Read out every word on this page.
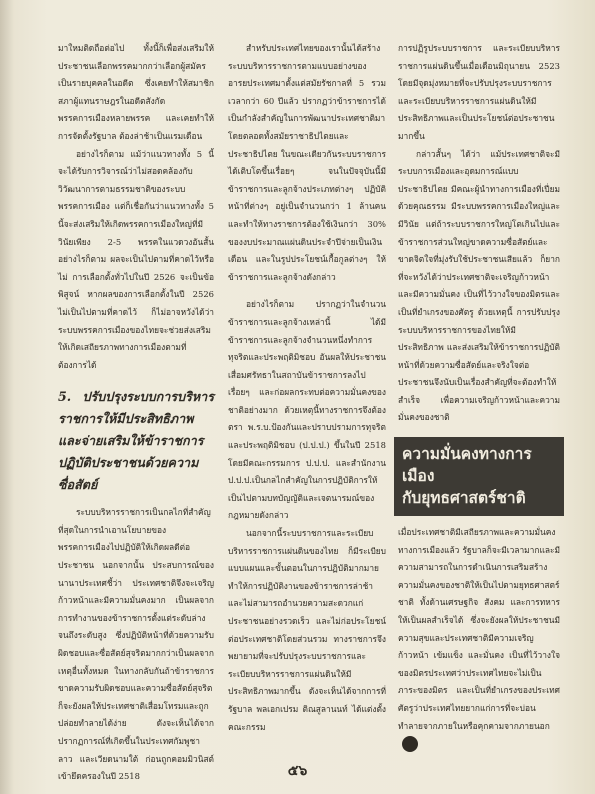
มาใหมติดถือต่อไป ทั้งนี้ก็เพื่อส่งเสริมให้ประชาชนเลือกพรรคมากกว่าเลือกผู้สมัครเป็นรายบุคคลในอดีต ซึ่งเคยทำให้สมาชิกสภาผู้แทนราษฎรในอดีตสังกัดพรรคการเมืองหลายพรรค และเคยทำให้การจัดตั้งรัฐบาล ต้องล่าช้าเป็นแรมเดือน

อย่างไรก็ตาม แม้ว่าแนวทางทั้ง 5 นี้ จะได้รับการวิจารณ์ว่าไม่สอดคล้องกับวิวัฒนาการตามธรรมชาติของระบบพรรคการเมือง แต่ก็เชื่อกันว่าแนวทางทั้ง 5 นี้จะส่งเสริมให้เกิดพรรคการเมืองใหญ่ที่มีวินัยเพียง 2-5 พรรคในแวดวงอันสั้น อย่างไรก็ตาม ผลจะเป็นไปตามที่คาดไว้หรือไม่ การเลือกตั้งทั่วไปในปี 2526 จะเป็นข้อพิสูจน์ หากผลของการเลือกตั้งในปี 2526 ไม่เป็นไปตามที่คาดไว้ ก็ไม่อาจหวังได้ว่าระบบพรรคการเมืองของไทยจะช่วยส่งเสริมให้เกิดเสถียรภาพทางการเมืองตามที่ต้องการได้

5. ปรับปรุงระบบการบริหารราชการให้มีประสิทธิภาพ และจ่ายเสริมให้ข้าราชการปฏิบัติประชาชนด้วยความซื่อสัตย์

ระบบบริหารราชการเป็นกลไกที่สำคัญที่สุดในการนำเอานโยบายของพรรคการเมืองไปปฏิบัติให้เกิดผลดีต่อประชาชน นอกจากนั้น ประสบการณ์ของนานาประเทศชี้ว่า ประเทศชาติจึงจะเจริญก้าวหน้าและมีความมั่นคงมาก เป็นผลจากการทำงานของข้าราชการตั้งแต่ระดับล่างจนถึงระดับสูง ซึ่งปฏิบัติหน้าที่ด้วยความรับผิดชอบและซื่อสัตย์สุจริตมากกว่าเป็นผลจากเหตุอื่นทั้งหมด ในทางกลับกันถ้าข้าราชการขาดความรับผิดชอบและความซื่อสัตย์สุจริต ก็จะยังผลให้ประเทศชาติเสื่อมโทรมและถูกปล่อยทำลายได้ง่าย ดังจะเห็นได้จากปรากฏการณ์ที่เกิดขึ้นในประเทศกัมพูชา ลาว และเวียดนามใต้ ก่อนถูกคอมมิวนิสต์เข้ายึดครองในปี 2518

สำหรับประเทศไทยของเรานั้นได้สร้างระบบบริหารราชการตามแบบอย่างของอารยประเทศมาตั้งแต่สมัยรัชกาลที่ 5 รวมเวลากว่า 60 ปีแล้ว ปรากฏว่าข้าราชการได้เป็นกำลังสำคัญในการพัฒนาประเทศชาติมาโดยตลอดทั้งสมัยราชาธิปไตยและประชาธิปไตย ในขณะเดียวกันระบบราชการได้เติบโตขึ้นเรื่อยๆ จนในปัจจุบันนี้มีข้าราชการและลูกจ้างประเภทต่างๆ ปฏิบัติหน้าที่ต่างๆ อยู่เป็นจำนวนกว่า 1 ล้านคน และทำให้ทางราชการต้องใช้เงินกว่า 30% ของงบประมาณแผ่นดินประจำปีจ่ายเป็นเงินเดือน และในรูปประโยชน์เกื้อกูลต่างๆ ให้ข้าราชการและลูกจ้างดังกล่าว

อย่างไรก็ตาม ปรากฏว่าในจำนวนข้าราชการและลูกจ้างเหล่านี้ ได้มีข้าราชการและลูกจ้างจำนวนหนึ่งทำการทุจริตและประพฤติมิชอบ อันผลให้ประชาชนเสื่อมศรัทธาในสถาบันข้าราชการลงไปเรื่อยๆ และก่อผลกระทบต่อความมั่นคงของชาติอย่างมาก ด้วยเหตุนี้ทางราชการจึงต้องตรา พ.ร.บ.ป้องกันและปราบปรามการทุจริตและประพฤติมิชอบ (ป.ป.ป.) ขึ้นในปี 2518 โดยมีคณะกรรมการ ป.ป.ป. และสำนักงาน ป.ป.ป.เป็นกลไกสำคัญในการปฏิบัติการให้เป็นไปตามบทบัญญัติและเจตนารมณ์ของกฎหมายดังกล่าว

นอกจากนี้ระบบราชการและระเบียบบริหารราชการแผ่นดินของไทย ก็มีระเบียบแบบแผนและขั้นตอนในการปฏิบัติมากมายทำให้การปฏิบัติงานของข้าราชการล่าช้า และไม่สามารถอำนวยความสะดวกแก่ประชาชนอย่างรวดเร็ว และไม่ก่อประโยชน์ต่อประเทศชาติโดยส่วนรวม ทางราชการจึงพยายามที่จะปรับปรุงระบบราชการและระเบียบบริหารราชการแผ่นดินให้มีประสิทธิภาพมากขึ้น ดังจะเห็นได้จากการที่รัฐบาล พลเอกเปรม ติณสูลานนท์ ได้แต่งตั้งคณะกรรม

การปฏิรูประบบราชการ และระเบียบบริหารราชการแผ่นดินขึ้นเมื่อเดือนมิถุนายน 2523 โดยมีจุดมุ่งหมายที่จะปรับปรุงระบบราชการและระเบียบบริหารราชการแผ่นดินให้มีประสิทธิภาพและเป็นประโยชน์ต่อประชาชนมากขึ้น

กล่าวสั้นๆ ได้ว่า แม้ประเทศชาติจะมีระบบการเมืองและอุดมการณ์แบบประชาธิปไตย มีคณะผู้นำทางการเมืองที่เปี่ยมด้วยคุณธรรม มีระบบพรรคการเมืองใหญ่และมีวินัย แต่ถ้าระบบราชการใหญ่โตเกินไปและข้าราชการส่วนใหญ่ขาดความซื่อสัตย์และขาดจิตใจที่มุ่งรับใช้ประชาชนเสียแล้ว ก็ยากที่จะหวังได้ว่าประเทศชาติจะเจริญก้าวหน้าและมีความมั่นคง เป็นที่ไว้วางใจของมิตรและเป็นที่ยำเกรงของศัตรู ด้วยเหตุนี้ การปรับปรุงระบบบริหารราชการของไทยให้มีประสิทธิภาพ และส่งเสริมให้ข้าราชการปฏิบัติหน้าที่ด้วยความซื่อสัตย์และจริงใจต่อประชาชนจึงนับเป็นเรื่องสำคัญที่จะต้องทำให้สำเร็จ เพื่อความเจริญก้าวหน้าและความมั่นคงของชาติ

ความมั่นคงทางการเมือง
กับยุทธศาสตร์ชาติ

เมื่อประเทศชาติมีเสถียรภาพและความมั่นคงทางการเมืองแล้ว รัฐบาลก็จะมีเวลามากและมีความสามารถในการดำเนินการเสริมสร้างความมั่นคงของชาติให้เป็นไปตามยุทธศาสตร์ชาติ ทั้งด้านเศรษฐกิจ สังคม และการทหาร ให้เป็นผลสำเร็จได้ ซึ่งจะยังผลให้ประชาชนมีความสุขและประเทศชาติมีความเจริญก้าวหน้า เข้มแข็ง และมั่นคง เป็นที่ไว้วางใจของมิตรประเทศว่าประเทศไทยจะไม่เป็นภาระของมิตร และเป็นที่ยำเกรงของประเทศศัตรูว่าประเทศไทยยากแก่การที่จะบ่อนทำลายจากภายในหรือคุกคามจากภายนอก☸

๕๖
